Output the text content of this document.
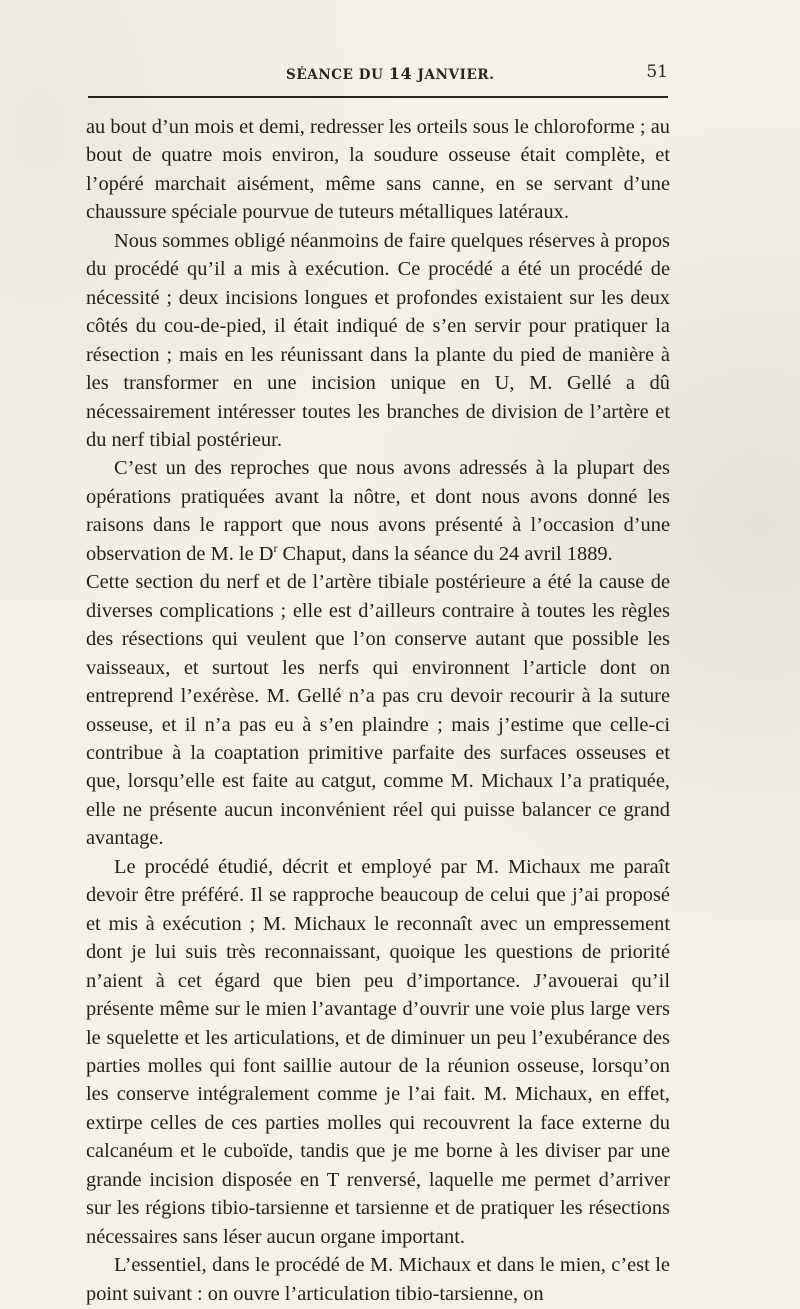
SÉANCE DU 14 JANVIER.	51

au bout d’un mois et demi, redresser les orteils sous le chloroforme ; au bout de quatre mois environ, la soudure osseuse était complète, et l’opéré marchait aisément, même sans canne, en se servant d’une chaussure spéciale pourvue de tuteurs métalliques latéraux.

Nous sommes obligé néanmoins de faire quelques réserves à propos du procédé qu’il a mis à exécution. Ce procédé a été un procédé de nécessité ; deux incisions longues et profondes existaient sur les deux côtés du cou-de-pied, il était indiqué de s’en servir pour pratiquer la résection ; mais en les réunissant dans la plante du pied de manière à les transformer en une incision unique en U, M. Gellé a dû nécessairement intéresser toutes les branches de division de l’artère et du nerf tibial postérieur.

C’est un des reproches que nous avons adressés à la plupart des opérations pratiquées avant la nôtre, et dont nous avons donné les raisons dans le rapport que nous avons présenté à l’occasion d’une observation de M. le $D^r$ Chaput, dans la séance du 24 avril 1889.

Cette section du nerf et de l’artère tibiale postérieure a été la cause de diverses complications ; elle est d’ailleurs contraire à toutes les règles des résections qui veulent que l’on conserve autant que possible les vaisseaux, et surtout les nerfs qui environnent l’article dont on entreprend l’exérèse. M. Gellé n’a pas cru devoir recourir à la suture osseuse, et il n’a pas eu à s’en plaindre ; mais j’estime que celle-ci contribue à la coaptation primitive parfaite des surfaces osseuses et que, lorsqu’elle est faite au catgut, comme M. Michaux l’a pratiquée, elle ne présente aucun inconvénient réel qui puisse balancer ce grand avantage.

Le procédé étudié, décrit et employé par M. Michaux me paraît devoir être préféré. Il se rapproche beaucoup de celui que j’ai proposé et mis à exécution ; M. Michaux le reconnaît avec un empressement dont je lui suis très reconnaissant, quoique les questions de priorité n’aient à cet égard que bien peu d’importance. J’avouerai qu’il présente même sur le mien l’avantage d’ouvrir une voie plus large vers le squelette et les articulations, et de diminuer un peu l’exubérance des parties molles qui font saillie autour de la réunion osseuse, lorsqu’on les conserve intégralement comme je l’ai fait. M. Michaux, en effet, extirpe celles de ces parties molles qui recouvrent la face externe du calcanéum et le cuboïde, tandis que je me borne à les diviser par une grande incision disposée en T renversé, laquelle me permet d’arriver sur les régions tibio-tarsienne et tarsienne et de pratiquer les résections nécessaires sans léser aucun organe important.

L’essentiel, dans le procédé de M. Michaux et dans le mien, c’est le point suivant : on ouvre l’articulation tibio-tarsienne, on
